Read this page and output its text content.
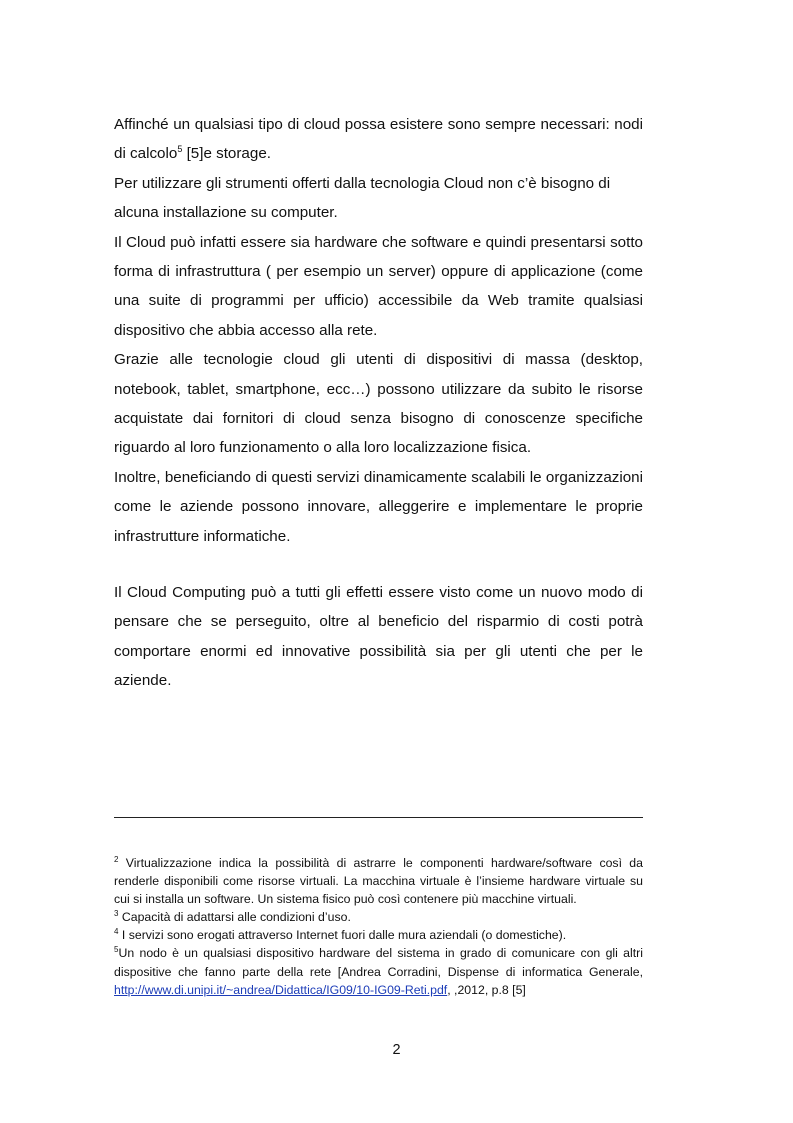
Affinché un qualsiasi tipo di cloud possa esistere sono sempre necessari: nodi di calcolo$^5$ [5]e storage.

Per utilizzare gli strumenti offerti dalla tecnologia Cloud non c’è bisogno di alcuna installazione su computer.

Il Cloud può infatti essere sia hardware che software e quindi presentarsi sotto forma di infrastruttura ( per esempio un server) oppure di applicazione (come una suite di programmi per ufficio) accessibile da Web tramite qualsiasi dispositivo che abbia accesso alla rete.

Grazie alle tecnologie cloud gli utenti di dispositivi di massa (desktop, notebook, tablet, smartphone, ecc…) possono utilizzare da subito le risorse acquistate dai fornitori di cloud senza bisogno di conoscenze specifiche riguardo al loro funzionamento o alla loro localizzazione fisica.

Inoltre, beneficiando di questi servizi dinamicamente scalabili le organizzazioni come le aziende possono innovare, alleggerire e implementare le proprie infrastrutture informatiche.

Il Cloud Computing può a tutti gli effetti essere visto come un nuovo modo di pensare che se perseguito, oltre al beneficio del risparmio di costi potrà comportare enormi ed innovative possibilità sia per gli utenti che per le aziende.

$^2$ Virtualizzazione indica la possibilità di astrarre le componenti hardware/software così da renderle disponibili come risorse virtuali. La macchina virtuale è l’insieme hardware virtuale su cui si installa un software. Un sistema fisico può così contenere più macchine virtuali.

$^3$ Capacità di adattarsi alle condizioni d’uso.

$^4$ I servizi sono erogati attraverso Internet fuori dalle mura aziendali (o domestiche).

$^5$Un nodo è un qualsiasi dispositivo hardware del sistema in grado di comunicare con gli altri dispositive che fanno parte della rete [Andrea Corradini, Dispense di informatica Generale, http://www.di.unipi.it/~andrea/Didattica/IG09/10-IG09-Reti.pdf, ,2012, p.8 [5]

2
